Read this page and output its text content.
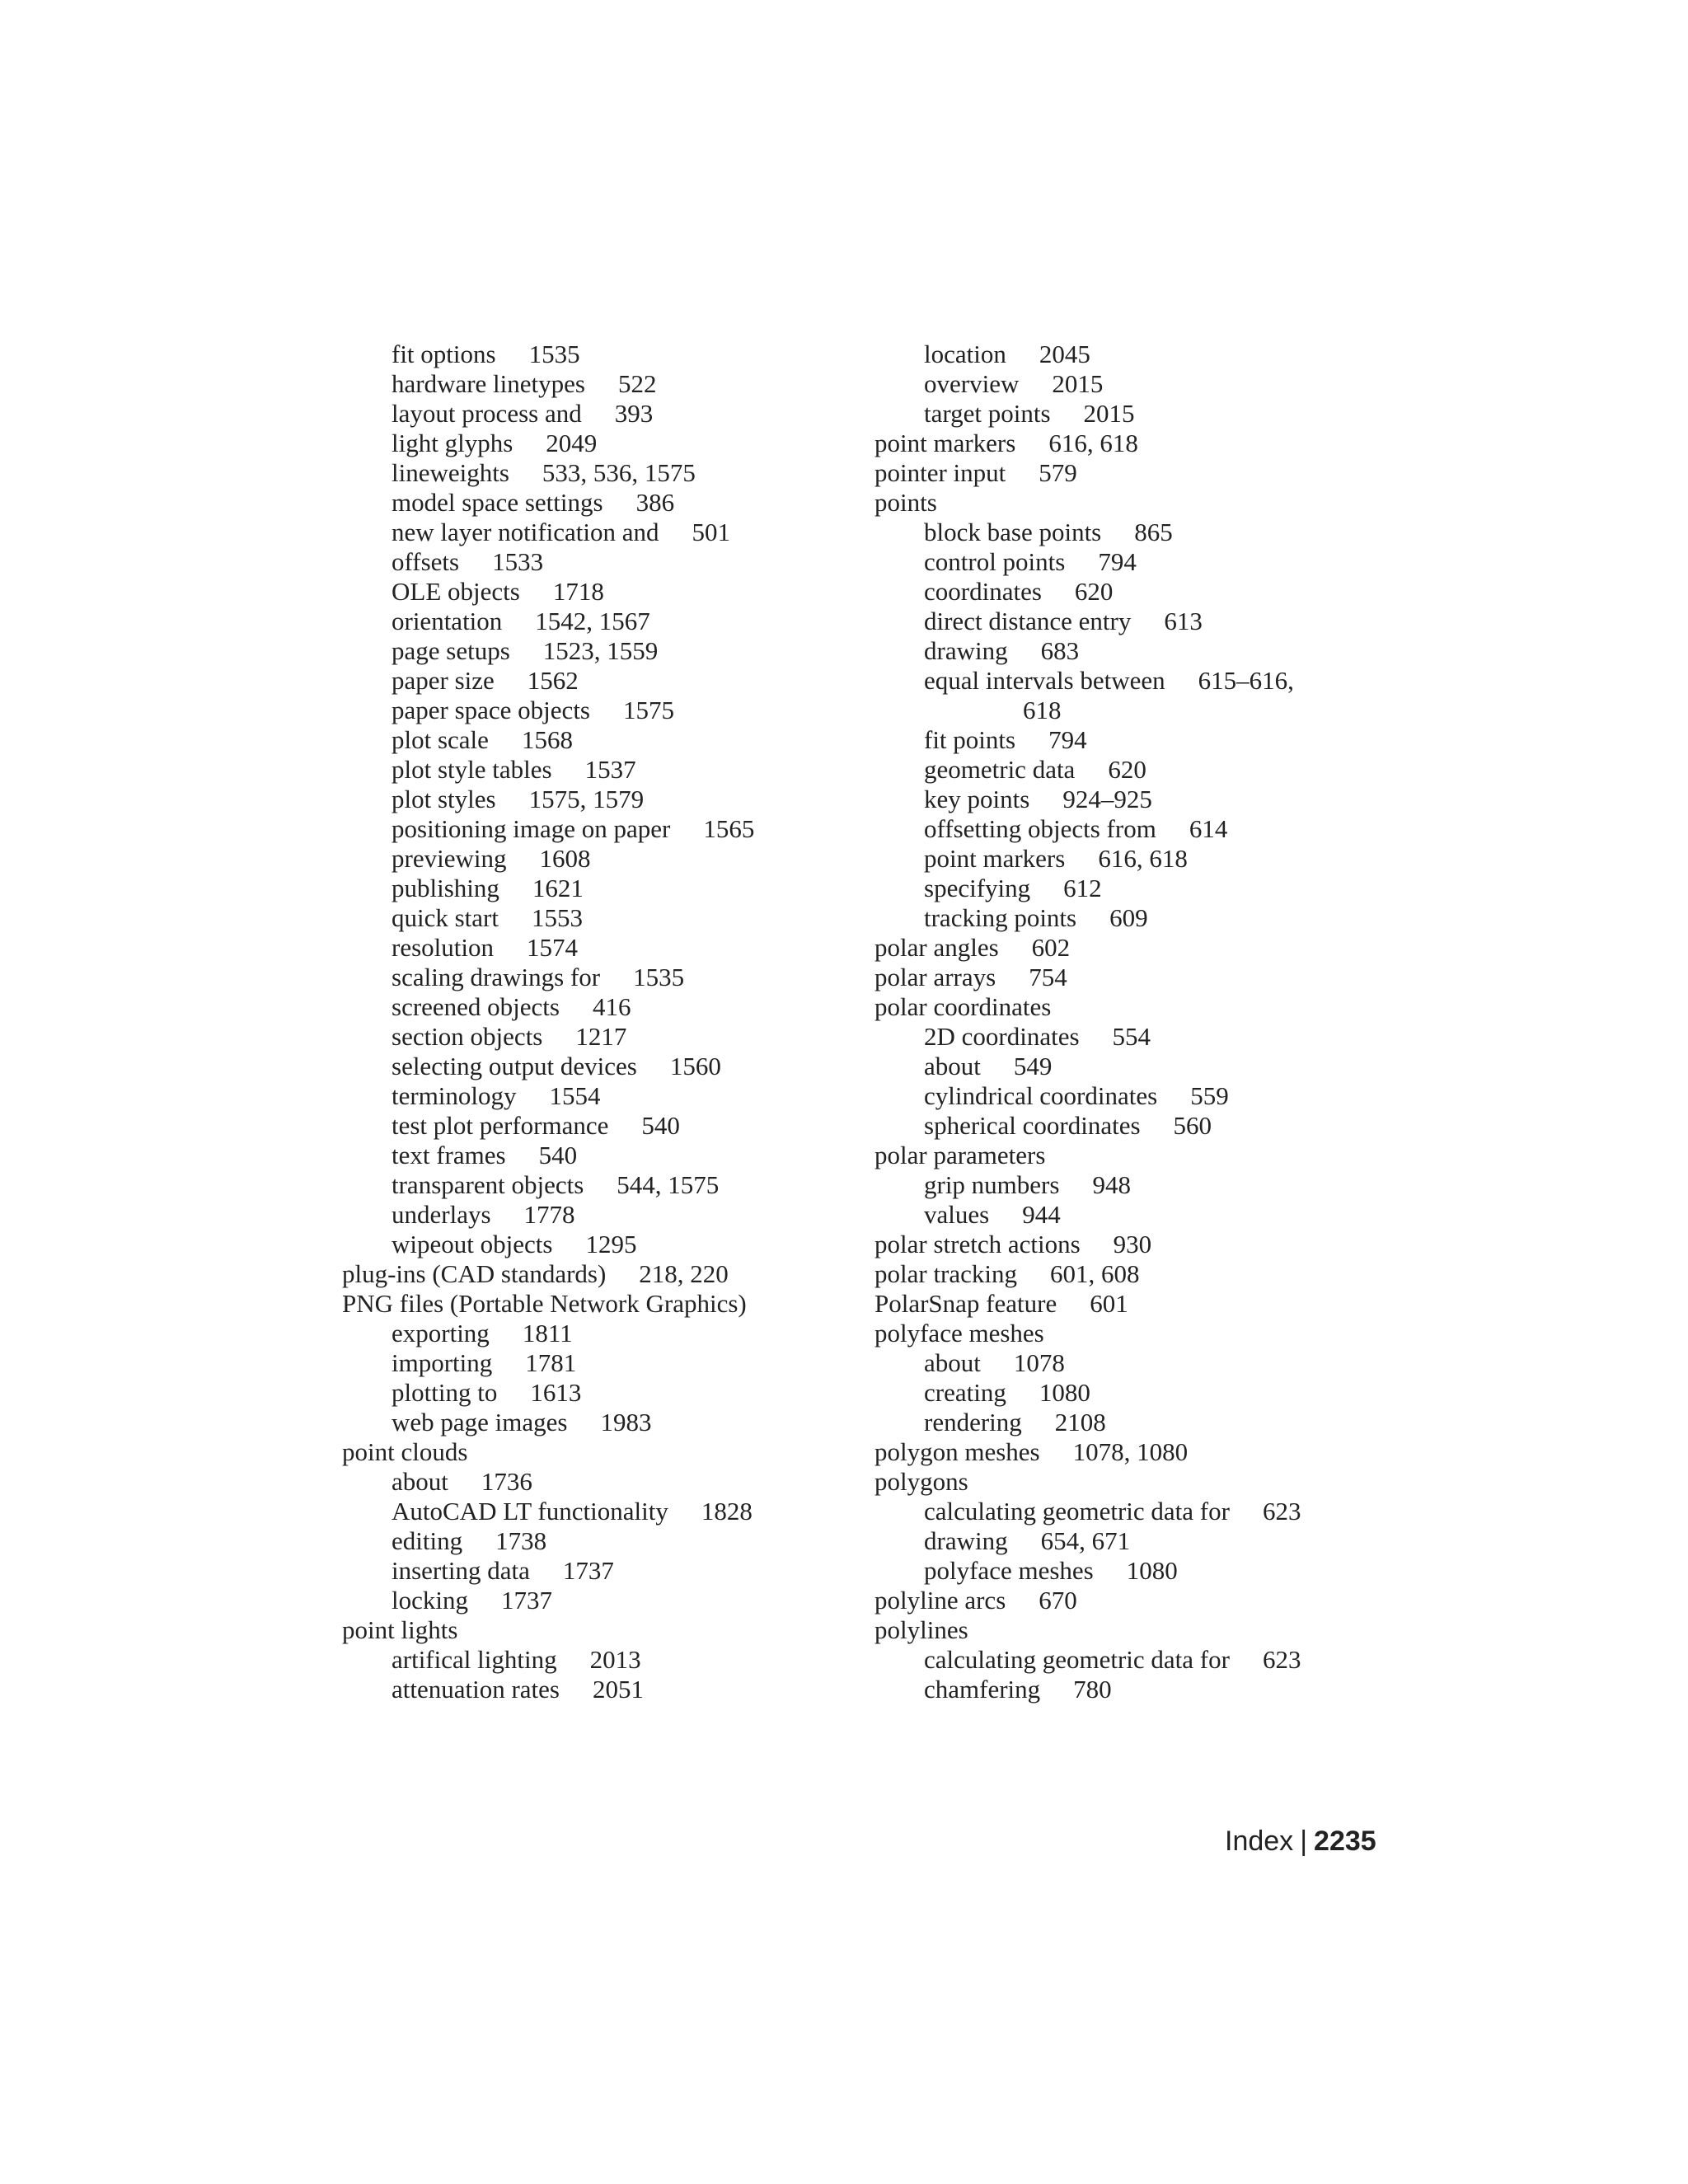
fit options 1535
hardware linetypes 522
layout process and 393
light glyphs 2049
lineweights 533, 536, 1575
model space settings 386
new layer notification and 501
offsets 1533
OLE objects 1718
orientation 1542, 1567
page setups 1523, 1559
paper size 1562
paper space objects 1575
plot scale 1568
plot style tables 1537
plot styles 1575, 1579
positioning image on paper 1565
previewing 1608
publishing 1621
quick start 1553
resolution 1574
scaling drawings for 1535
screened objects 416
section objects 1217
selecting output devices 1560
terminology 1554
test plot performance 540
text frames 540
transparent objects 544, 1575
underlays 1778
wipeout objects 1295
plug-ins (CAD standards) 218, 220
PNG files (Portable Network Graphics)
exporting 1811
importing 1781
plotting to 1613
web page images 1983
point clouds
about 1736
AutoCAD LT functionality 1828
editing 1738
inserting data 1737
locking 1737
point lights
artifical lighting 2013
attenuation rates 2051
location 2045
overview 2015
target points 2015
point markers 616, 618
pointer input 579
points
block base points 865
control points 794
coordinates 620
direct distance entry 613
drawing 683
equal intervals between 615–616,
618
fit points 794
geometric data 620
key points 924–925
offsetting objects from 614
point markers 616, 618
specifying 612
tracking points 609
polar angles 602
polar arrays 754
polar coordinates
2D coordinates 554
about 549
cylindrical coordinates 559
spherical coordinates 560
polar parameters
grip numbers 948
values 944
polar stretch actions 930
polar tracking 601, 608
PolarSnap feature 601
polyface meshes
about 1078
creating 1080
rendering 2108
polygon meshes 1078, 1080
polygons
calculating geometric data for 623
drawing 654, 671
polyface meshes 1080
polyline arcs 670
polylines
calculating geometric data for 623
chamfering 780
Index | 2235
